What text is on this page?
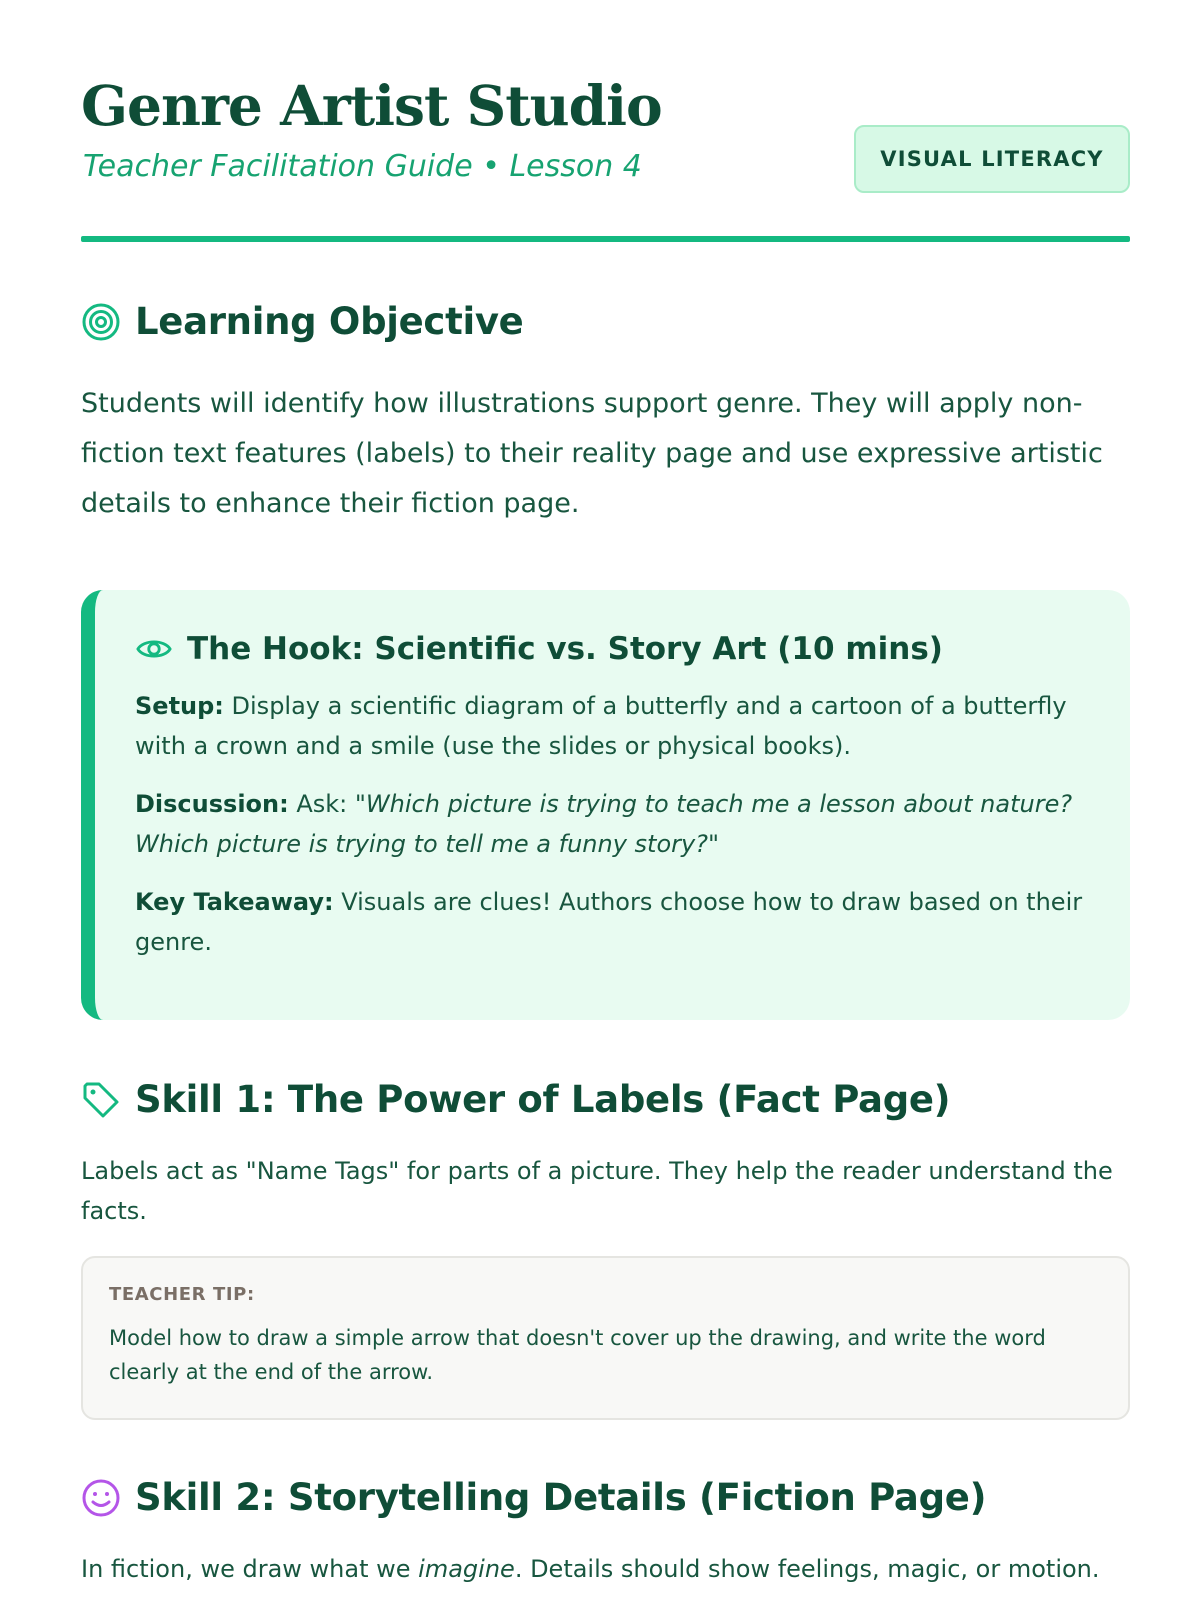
Genre Artist Studio
Teacher Facilitation Guide • Lesson 4	VISUAL LITERACY
Learning Objective

Students will identify how illustrations support genre. They will apply non-fiction text features (labels) to their reality page and use expressive artistic details to enhance their fiction page.

The Hook: Scientific vs. Story Art (10 mins)

Setup: Display a scientific diagram of a butterfly and a cartoon of a butterfly with a crown and a smile (use the slides or physical books).

Discussion: Ask: "Which picture is trying to teach me a lesson about nature? Which picture is trying to tell me a funny story?"

Key Takeaway: Visuals are clues! Authors choose how to draw based on their genre.

Skill 1: The Power of Labels (Fact Page)

Labels act as "Name Tags" for parts of a picture. They help the reader understand the facts.

TEACHER TIP:
Model how to draw a simple arrow that doesn't cover up the drawing, and write the word clearly at the end of the arrow.
Skill 2: Storytelling Details (Fiction Page)

In fiction, we draw what we imagine. Details should show feelings, magic, or motion.
